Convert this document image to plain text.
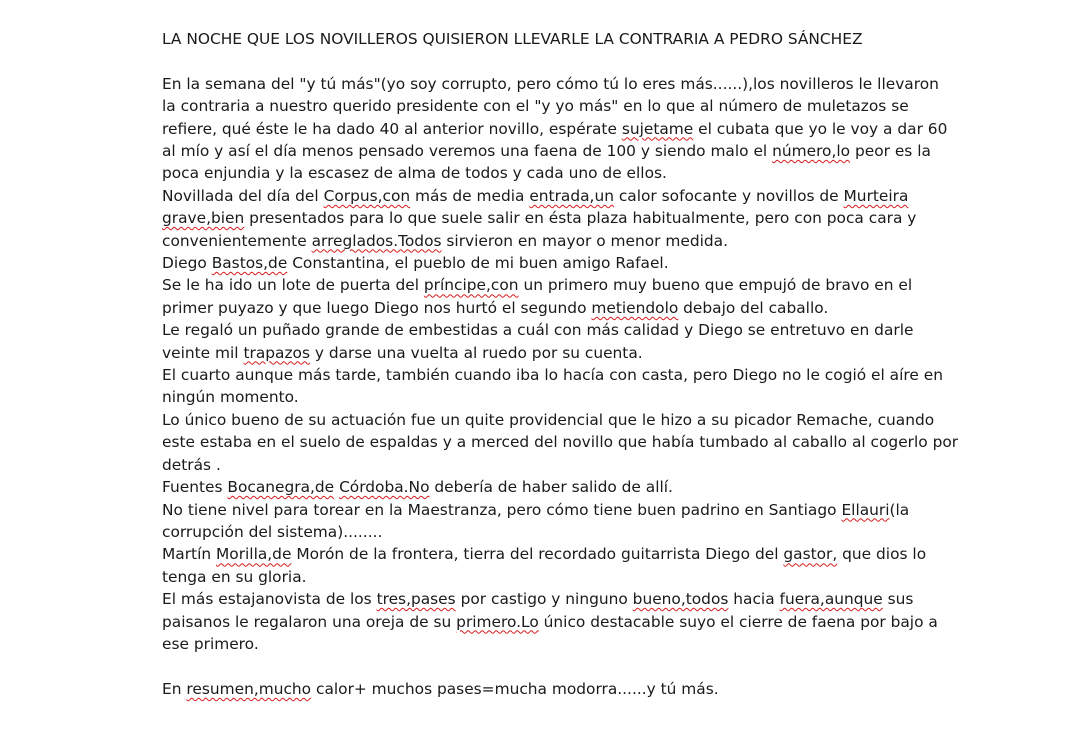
LA NOCHE QUE LOS NOVILLEROS QUISIERON LLEVARLE LA CONTRARIA A PEDRO SÁNCHEZ

En la semana del "y tú más"(yo soy corrupto, pero cómo tú lo eres más......),los novilleros le llevaron

la contraria a nuestro querido presidente con el "y yo más" en lo que al número de muletazos se

refiere, qué éste le ha dado 40 al anterior novillo, espérate sujetame el cubata que yo le voy a dar 60

al mío y así el día menos pensado veremos una faena de 100 y siendo malo el número,lo peor es la

poca enjundia y la escasez de alma de todos y cada uno de ellos.

Novillada del día del Corpus,con más de media entrada,un calor sofocante y novillos de Murteira

grave,bien presentados para lo que suele salir en ésta plaza habitualmente, pero con poca cara y

convenientemente arreglados.Todos sirvieron en mayor o menor medida.

Diego Bastos,de Constantina, el pueblo de mi buen amigo Rafael.

Se le ha ido un lote de puerta del príncipe,con un primero muy bueno que empujó de bravo en el

primer puyazo y que luego Diego nos hurtó el segundo metiendolo debajo del caballo.

Le regaló un puñado grande de embestidas a cuál con más calidad y Diego se entretuvo en darle

veinte mil trapazos y darse una vuelta al ruedo por su cuenta.

El cuarto aunque más tarde, también cuando iba lo hacía con casta, pero Diego no le cogió el aíre en

ningún momento.

Lo único bueno de su actuación fue un quite providencial que le hizo a su picador Remache, cuando

este estaba en el suelo de espaldas y a merced del novillo que había tumbado al caballo al cogerlo por

detrás .

Fuentes Bocanegra,de Córdoba.No debería de haber salido de allí.

No tiene nivel para torear en la Maestranza, pero cómo tiene buen padrino en Santiago Ellauri(la

corrupción del sistema)........

Martín Morilla,de Morón de la frontera, tierra del recordado guitarrista Diego del gastor, que dios lo

tenga en su gloria.

El más estajanovista de los tres,pases por castigo y ninguno bueno,todos hacia fuera,aunque sus

paisanos le regalaron una oreja de su primero.Lo único destacable suyo el cierre de faena por bajo a

ese primero.

En resumen,mucho calor+ muchos pases=mucha modorra......y tú más.
